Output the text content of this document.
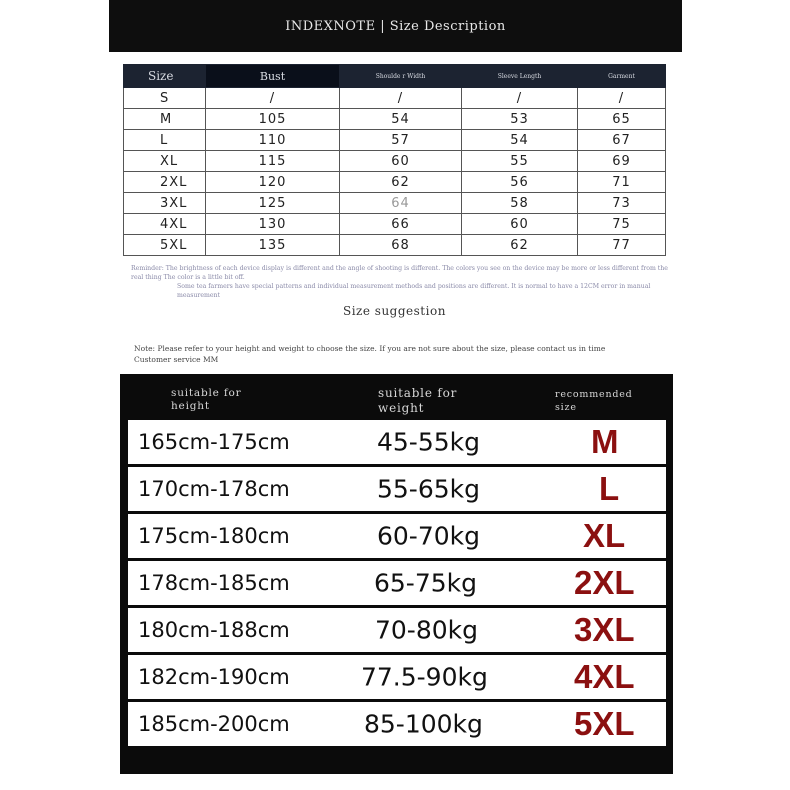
INDEXNOTE | Size Description
Size	Bust	Shoulde r Width	Sleeve Length	Garment
S	/	/	/	/
M	105	54	53	65
L	110	57	54	67
XL	115	60	55	69
2XL	120	62	56	71
3XL	125	64	58	73
4XL	130	66	60	75
5XL	135	68	62	77
Reminder: The brightness of each device display is different and the angle of shooting is different. The colors you see on the device may be more or less different from the real thing The color is a little bit off.
Some tea farmers have special patterns and individual measurement methods and positions are different. It is normal to have a 12CM error in manual measurement
Size suggestion
Note: Please refer to your height and weight to choose the size. If you are not sure about the size, please contact us in time Customer service MM
suitable for height
suitable for weight
recommended size
165cm-175cm	45-55kg	M
170cm-178cm	55-65kg	L
175cm-180cm	60-70kg	XL
178cm-185cm	65-75kg	2XL
180cm-188cm	70-80kg	3XL
182cm-190cm	77.5-90kg	4XL
185cm-200cm	85-100kg	5XL
